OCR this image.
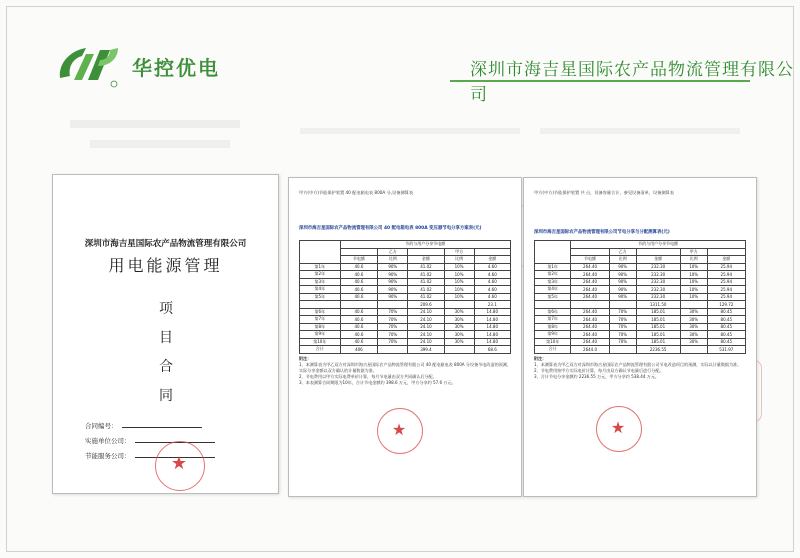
华控优电	深圳市海吉星国际农产品物流管理有限公司
深圳市海吉星国际农产品物流管理有限公司
用电能源管理
项
目
合
同
合同编号：
实施单位公司：
节能服务公司：	★
甲方(中方)节能保护装置 40 配电箱电表 800A 分,设备测算表
深圳市海吉星国际农产品物流管理有限公司 40 配电箱电表 800A 变压器节电分享方案表(元)
	节约与用户分享节电额				
		乙方		甲方	
	节电额	比例	金额	比例	金额
第1年	40.6	90%	41.02	10%	4.60
第2年	40.6	90%	41.02	10%	4.60
第3年	40.6	90%	41.02	10%	4.60
第4年	40.6	90%	41.02	10%	4.60
第5年	40.6	90%	41.02	10%	4.60
			209.6		23.1
第6年	40.6	70%	24.10	30%	14.80
第7年	40.6	70%	24.10	30%	14.80
第8年	40.6	70%	24.10	30%	14.80
第9年	40.6	70%	24.10	30%	14.80
第10年	40.6	70%	24.10	30%	14.80
合计	406		399.4		68.6
附注：
1、本测算表为甲乙双方对深圳市海吉星国际农产品物流管理有限公司 40 配电箱电表 800A 分设备节电改造的预测，实际分享金额以双方确认的计量数据为准。
2、节电费用以甲方实际电费单价计算，每月节电量由双方共同确认后分配。
3、本表测算合同期限为10年，合计节电金额约 398.6 万元，甲方分享约 57.6 万元。
★
甲方(中方)节能保护装置 共 台，设备容量合计，参见设备清单，设备测算表
深圳市海吉星国际农产品物流管理有限公司节电分享与分配测算表(元)
	节约与用户分享节电额				
		乙方		甲方	
	节电额	比例	金额	比例	金额
第1年	264.40	90%	232.30	10%	25.94
第2年	264.40	90%	232.30	10%	25.94
第3年	264.40	90%	232.30	10%	25.94
第4年	264.40	90%	232.30	10%	25.94
第5年	264.40	90%	232.30	10%	25.94
			1311.50		129.72
第6年	264.40	70%	185.01	30%	80.45
第7年	264.40	70%	185.01	30%	80.45
第8年	264.40	70%	185.01	30%	80.45
第9年	264.40	70%	185.01	30%	80.45
第10年	264.40	70%	185.01	30%	80.45
合计	2644.0		2236.55		531.97
附注：
1、本测算表为甲乙双方对深圳市海吉星国际农产品物流管理有限公司节电改造项目的预测，实际以计量数据为准。
2、节电费用按甲方实际电价计算，每月由双方确认节电量后进行分配。
3、合计节电分享金额约 2236.55 万元，甲方分享约 538.44 万元。
★
